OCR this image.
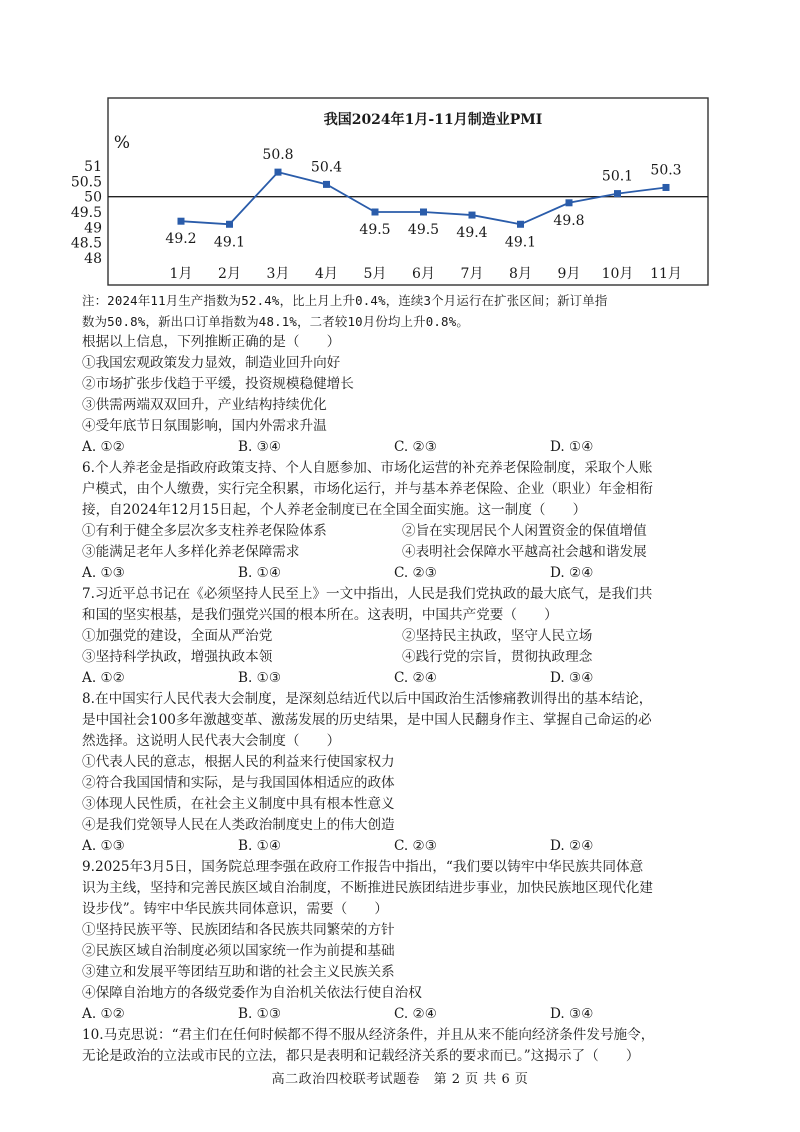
我国2024年1月-11月制造业PMI
%
51
50.5
50
49.5
49
48.5
48
49.2 49.1
50.8
50.4
49.5 49.5 49.4
49.1
49.8
50.1 50.3
1月 2月 3月 4月 5月 6月 7月 8月 9月 10月 11月
注：2024年11月生产指数为52.4%，比上月上升0.4%，连续3个月运行在扩张区间；新订单指
数为50.8%，新出口订单指数为48.1%，二者较10月份均上升0.8%。
根据以上信息，下列推断正确的是（　　）
①我国宏观政策发力显效，制造业回升向好
②市场扩张步伐趋于平缓，投资规模稳健增长
③供需两端双双回升，产业结构持续优化
④受年底节日氛围影响，国内外需求升温
A. ①②	B. ③④	C. ②③	D. ①④
6.个人养老金是指政府政策支持、个人自愿参加、市场化运营的补充养老保险制度，采取个人账
户模式，由个人缴费，实行完全积累，市场化运行，并与基本养老保险、企业（职业）年金相衔
接，自2024年12月15日起，个人养老金制度已在全国全面实施。这一制度（　　）
①有利于健全多层次多支柱养老保险体系	②旨在实现居民个人闲置资金的保值增值
③能满足老年人多样化养老保障需求	④表明社会保障水平越高社会越和谐发展
A. ①③	B. ①④	C. ②③	D. ②④
7.习近平总书记在《必须坚持人民至上》一文中指出，人民是我们党执政的最大底气，是我们共
和国的坚实根基，是我们强党兴国的根本所在。这表明，中国共产党要（　　）
①加强党的建设，全面从严治党	②坚持民主执政，坚守人民立场
③坚持科学执政，增强执政本领	④践行党的宗旨，贯彻执政理念
A. ①②	B. ①③	C. ②④	D. ③④
8.在中国实行人民代表大会制度，是深刻总结近代以后中国政治生活惨痛教训得出的基本结论，
是中国社会100多年激越变革、激荡发展的历史结果，是中国人民翻身作主、掌握自己命运的必
然选择。这说明人民代表大会制度（　　）
①代表人民的意志，根据人民的利益来行使国家权力
②符合我国国情和实际，是与我国国体相适应的政体
③体现人民性质，在社会主义制度中具有根本性意义
④是我们党领导人民在人类政治制度史上的伟大创造
A. ①③	B. ①④	C. ②③	D. ②④
9.2025年3月5日，国务院总理李强在政府工作报告中指出，“我们要以铸牢中华民族共同体意
识为主线，坚持和完善民族区域自治制度，不断推进民族团结进步事业，加快民族地区现代化建
设步伐”。铸牢中华民族共同体意识，需要（　　）
①坚持民族平等、民族团结和各民族共同繁荣的方针
②民族区域自治制度必须以国家统一作为前提和基础
③建立和发展平等团结互助和谐的社会主义民族关系
④保障自治地方的各级党委作为自治机关依法行使自治权
A. ①②	B. ①③	C. ②④	D. ③④
10.马克思说：“君主们在任何时候都不得不服从经济条件，并且从来不能向经济条件发号施令，
无论是政治的立法或市民的立法，都只是表明和记载经济关系的要求而已。”这揭示了（　　）
高二政治四校联考试题卷　第 2 页 共 6 页
